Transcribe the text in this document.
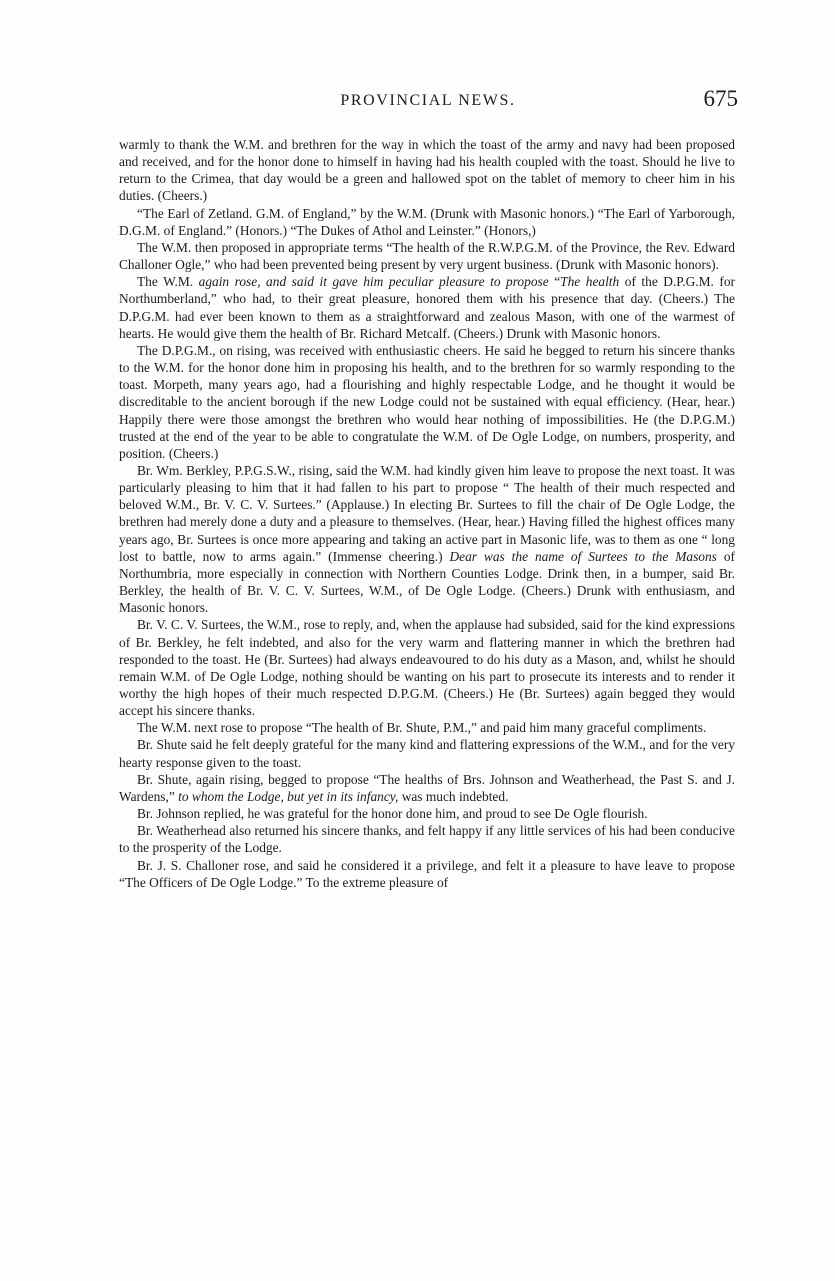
PROVINCIAL NEWS.	675

warmly to thank the W.M. and brethren for the way in which the toast of the army and navy had been proposed and received, and for the honor done to himself in having had his health coupled with the toast. Should he live to return to the Crimea, that day would be a green and hallowed spot on the tablet of memory to cheer him in his duties. (Cheers.)

“The Earl of Zetland. G.M. of England,” by the W.M. (Drunk with Masonic honors.) “The Earl of Yarborough, D.G.M. of England.” (Honors.) “The Dukes of Athol and Leinster.” (Honors,)

The W.M. then proposed in appropriate terms “The health of the R.W.P.G.M. of the Province, the Rev. Edward Challoner Ogle,” who had been prevented being present by very urgent business. (Drunk with Masonic honors).

The W.M. again rose, and said it gave him peculiar pleasure to propose “The health of the D.P.G.M. for Northumberland,” who had, to their great pleasure, honored them with his presence that day. (Cheers.) The D.P.G.M. had ever been known to them as a straightforward and zealous Mason, with one of the warmest of hearts. He would give them the health of Br. Richard Metcalf. (Cheers.) Drunk with Masonic honors.

The D.P.G.M., on rising, was received with enthusiastic cheers. He said he begged to return his sincere thanks to the W.M. for the honor done him in proposing his health, and to the brethren for so warmly responding to the toast. Morpeth, many years ago, had a flourishing and highly respectable Lodge, and he thought it would be discreditable to the ancient borough if the new Lodge could not be sustained with equal efficiency. (Hear, hear.) Happily there were those amongst the brethren who would hear nothing of impossibilities. He (the D.P.G.M.) trusted at the end of the year to be able to congratulate the W.M. of De Ogle Lodge, on numbers, prosperity, and position. (Cheers.)

Br. Wm. Berkley, P.P.G.S.W., rising, said the W.M. had kindly given him leave to propose the next toast. It was particularly pleasing to him that it had fallen to his part to propose “ The health of their much respected and beloved W.M., Br. V. C. V. Surtees.” (Applause.) In electing Br. Surtees to fill the chair of De Ogle Lodge, the brethren had merely done a duty and a pleasure to themselves. (Hear, hear.) Having filled the highest offices many years ago, Br. Surtees is once more appearing and taking an active part in Masonic life, was to them as one “ long lost to battle, now to arms again.” (Immense cheering.) Dear was the name of Surtees to the Masons of Northumbria, more especially in connection with Northern Counties Lodge. Drink then, in a bumper, said Br. Berkley, the health of Br. V. C. V. Surtees, W.M., of De Ogle Lodge. (Cheers.) Drunk with enthusiasm, and Masonic honors.

Br. V. C. V. Surtees, the W.M., rose to reply, and, when the applause had subsided, said for the kind expressions of Br. Berkley, he felt indebted, and also for the very warm and flattering manner in which the brethren had responded to the toast. He (Br. Surtees) had always endeavoured to do his duty as a Mason, and, whilst he should remain W.M. of De Ogle Lodge, nothing should be wanting on his part to prosecute its interests and to render it worthy the high hopes of their much respected D.P.G.M. (Cheers.) He (Br. Surtees) again begged they would accept his sincere thanks.

The W.M. next rose to propose “The health of Br. Shute, P.M.,” and paid him many graceful compliments.

Br. Shute said he felt deeply grateful for the many kind and flattering expressions of the W.M., and for the very hearty response given to the toast.

Br. Shute, again rising, begged to propose “The healths of Brs. Johnson and Weatherhead, the Past S. and J. Wardens,” to whom the Lodge, but yet in its infancy, was much indebted.

Br. Johnson replied, he was grateful for the honor done him, and proud to see De Ogle flourish.

Br. Weatherhead also returned his sincere thanks, and felt happy if any little services of his had been conducive to the prosperity of the Lodge.

Br. J. S. Challoner rose, and said he considered it a privilege, and felt it a pleasure to have leave to propose “The Officers of De Ogle Lodge.” To the extreme pleasure of
